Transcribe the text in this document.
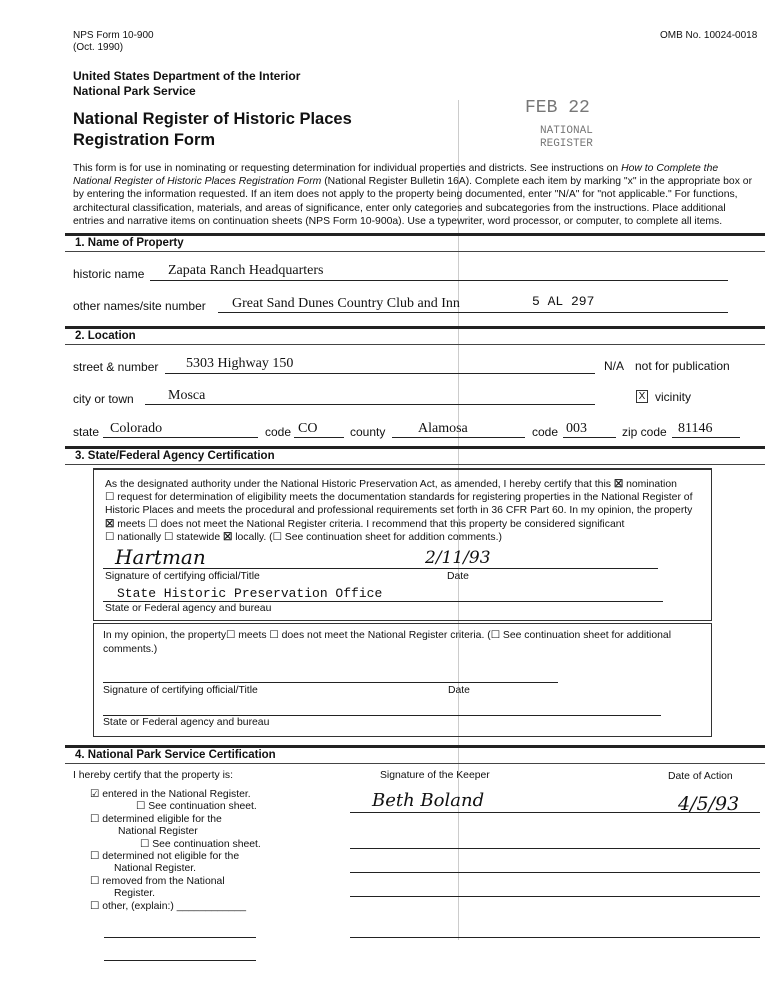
NPS Form 10-900
(Oct. 1990)
OMB No. 10024-0018
United States Department of the Interior
National Park Service
National Register of Historic Places
Registration Form
FEB 22
NATIONAL
REGISTER
This form is for use in nominating or requesting determination for individual properties and districts. See instructions on How to Complete the National Register of Historic Places Registration Form (National Register Bulletin 16A). Complete each item by marking "x" in the appropriate box or by entering the information requested. If an item does not apply to the property being documented, enter "N/A" for "not applicable." For functions, architectural classification, materials, and areas of significance, enter only categories and subcategories from the instructions. Place additional entries and narrative items on continuation sheets (NPS Form 10-900a). Use a typewriter, word processor, or computer, to complete all items.
1. Name of Property
historic name Zapata Ranch Headquarters
other names/site number Great Sand Dunes Country Club and Inn	5 AL 297
2. Location
street & number 5303 Highway 150	N/A not for publication
city or town Mosca	X vicinity
state Colorado	code CO	county Alamosa	code 003	zip code 81146
3. State/Federal Agency Certification
As the designated authority under the National Historic Preservation Act, as amended, I hereby certify that this ☒ nomination
☐ request for determination of eligibility meets the documentation standards for registering properties in the National Register of Historic Places and meets the procedural and professional requirements set forth in 36 CFR Part 60. In my opinion, the property
☒ meets ☐ does not meet the National Register criteria. I recommend that this property be considered significant
☐ nationally ☐ statewide ☒ locally. (☐ See continuation sheet for addition comments.)
Hartman	2/11/93
Signature of certifying official/Title	Date
State Historic Preservation Office
State or Federal agency and bureau
In my opinion, the property☐ meets ☐ does not meet the National Register criteria. (☐ See continuation sheet for additional comments.)
Signature of certifying official/Title	Date
State or Federal agency and bureau
4. National Park Service Certification
I hereby certify that the property is:	Signature of the Keeper	Date of Action
Beth Boland	4/5/93
☑ entered in the National Register.
☐ See continuation sheet.
☐ determined eligible for the
National Register
☐ See continuation sheet.
☐ determined not eligible for the
National Register.
☐ removed from the National
Register.
☐ other, (explain:) ____________
